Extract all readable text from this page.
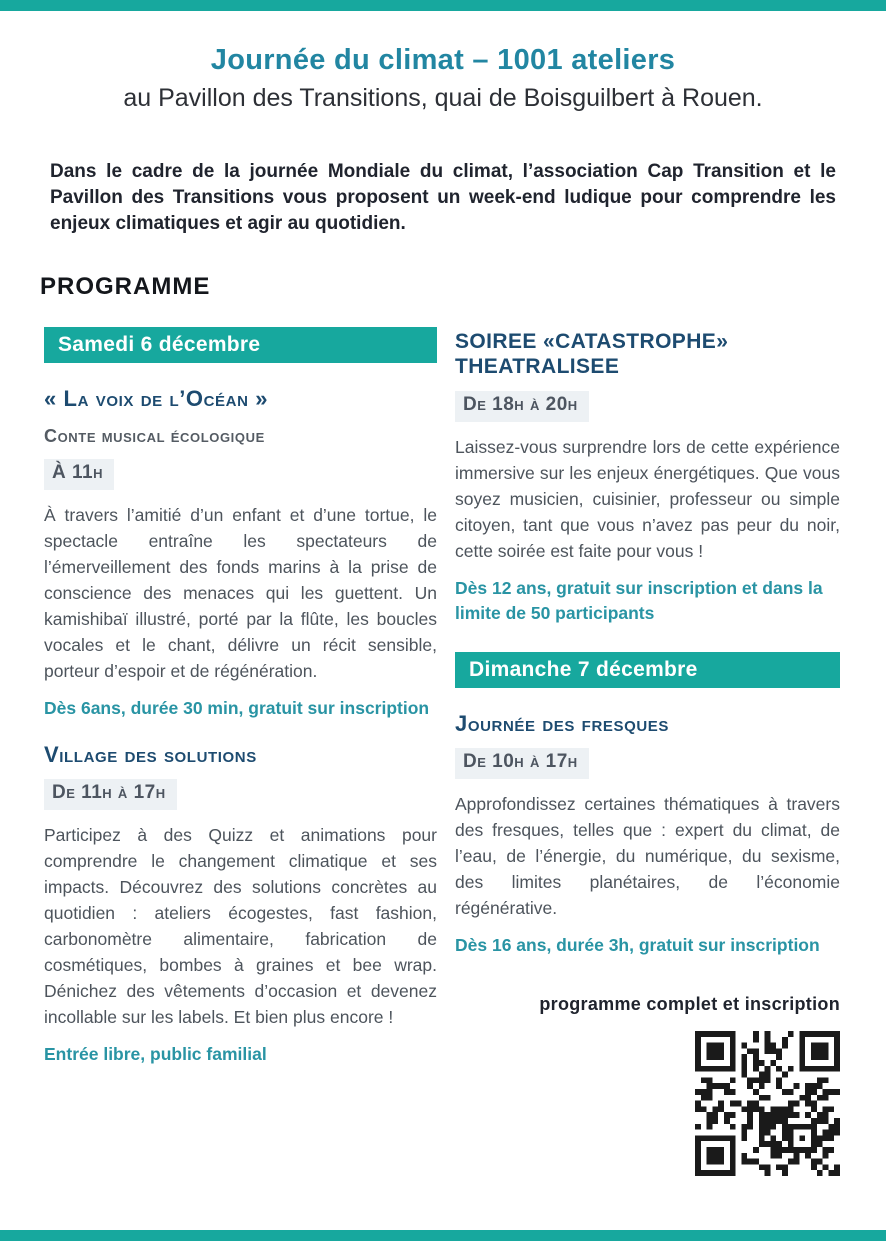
Journée du climat – 1001 ateliers
au Pavillon des Transitions, quai de Boisguilbert à Rouen.

Dans le cadre de la journée Mondiale du climat, l’association Cap Transition et le Pavillon des Transitions vous proposent un week-end ludique pour comprendre les enjeux climatiques et agir au quotidien.

PROGRAMME
Samedi 6 décembre
« La voix de l’Océan »
Conte musical écologique
À 11h

À travers l’amitié d’un enfant et d’une tortue, le spectacle entraîne les spectateurs de l’émerveillement des fonds marins à la prise de conscience des menaces qui les guettent. Un kamishibaï illustré, porté par la flûte, les boucles vocales et le chant, délivre un récit sensible, porteur d’espoir et de régénération.

Dès 6ans, durée 30 min, gratuit sur inscription
Village des solutions
De 11h à 17h

Participez à des Quizz et animations pour comprendre le changement climatique et ses impacts. Découvrez des solutions concrètes au quotidien : ateliers écogestes, fast fashion, carbonomètre alimentaire, fabrication de cosmétiques, bombes à graines et bee wrap. Dénichez des vêtements d’occasion et devenez incollable sur les labels. Et bien plus encore !

Entrée libre, public familial
SOIREE «CATASTROPHE» THEATRALISEE
De 18h à 20h

Laissez-vous surprendre lors de cette expérience immersive sur les enjeux énergétiques. Que vous soyez musicien, cuisinier, professeur ou simple citoyen, tant que vous n’avez pas peur du noir, cette soirée est faite pour vous !

Dès 12 ans, gratuit sur inscription et dans la limite de 50 participants
Dimanche 7 décembre
Journée des fresques
De 10h à 17h

Approfondissez certaines thématiques à travers des fresques, telles que : expert du climat, de l’eau, de l’énergie, du numérique, du sexisme, des limites planétaires, de l’économie régénérative.

Dès 16 ans, durée 3h, gratuit sur inscription
programme complet et inscription
